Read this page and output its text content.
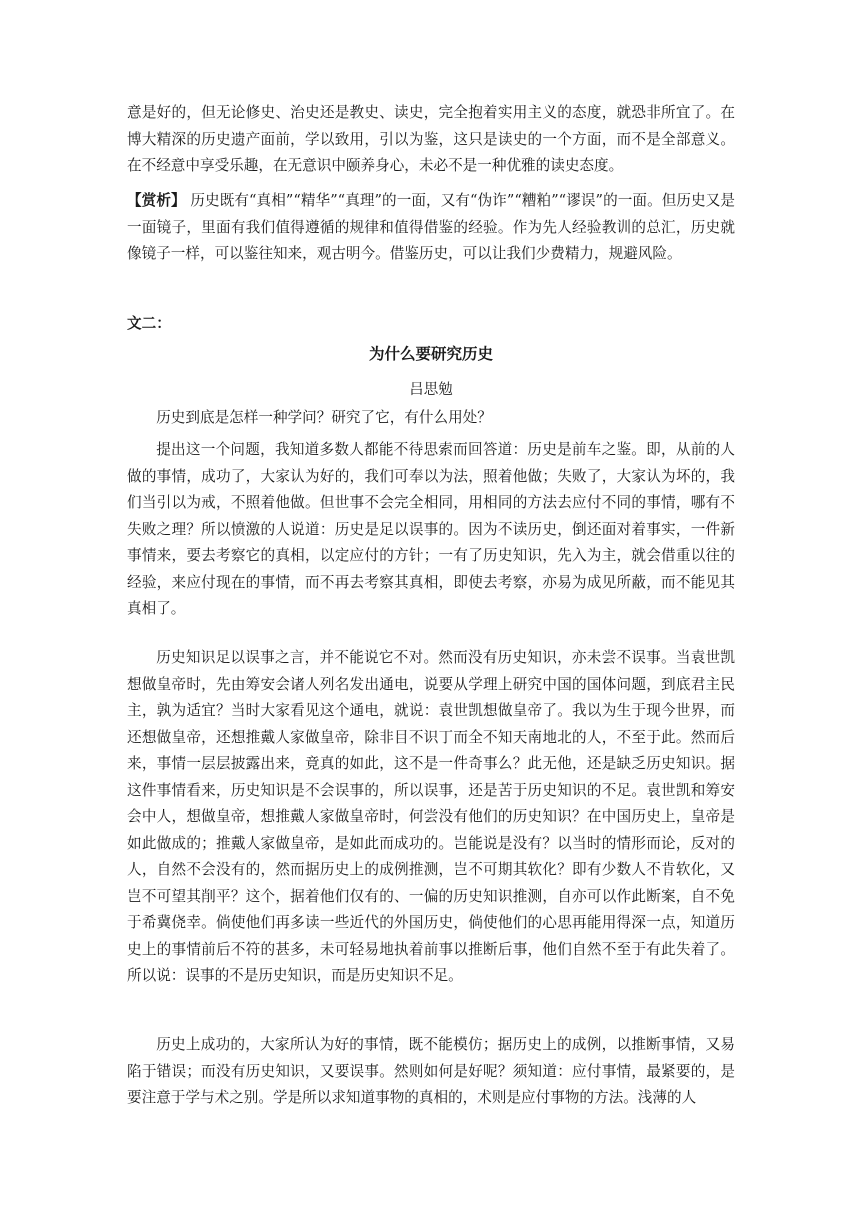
意是好的，但无论修史、治史还是教史、读史，完全抱着实用主义的态度，就恐非所宜了。在博大精深的历史遗产面前，学以致用，引以为鉴，这只是读史的一个方面，而不是全部意义。在不经意中享受乐趣，在无意识中颐养身心，未必不是一种优雅的读史态度。

【赏析】 历史既有“真相”“精华”“真理”的一面，又有“伪诈”“糟粕”“谬误”的一面。但历史又是一面镜子，里面有我们值得遵循的规律和值得借鉴的经验。作为先人经验教训的总汇，历史就像镜子一样，可以鉴往知来，观古明今。借鉴历史，可以让我们少费精力，规避风险。

文二：

为什么要研究历史

吕思勉

历史到底是怎样一种学问？研究了它，有什么用处？

提出这一个问题，我知道多数人都能不待思索而回答道：历史是前车之鉴。即，从前的人做的事情，成功了，大家认为好的，我们可奉以为法，照着他做；失败了，大家认为坏的，我们当引以为戒，不照着他做。但世事不会完全相同，用相同的方法去应付不同的事情，哪有不失败之理？所以愤激的人说道：历史是足以误事的。因为不读历史，倒还面对着事实，一件新事情来，要去考察它的真相，以定应付的方针；一有了历史知识，先入为主，就会借重以往的经验，来应付现在的事情，而不再去考察其真相，即使去考察，亦易为成见所蔽，而不能见其真相了。

历史知识足以误事之言，并不能说它不对。然而没有历史知识，亦未尝不误事。当袁世凯想做皇帝时，先由筹安会诸人列名发出通电，说要从学理上研究中国的国体问题，到底君主民主，孰为适宜？当时大家看见这个通电，就说：袁世凯想做皇帝了。我以为生于现今世界，而还想做皇帝，还想推戴人家做皇帝，除非目不识丁而全不知天南地北的人，不至于此。然而后来，事情一层层披露出来，竟真的如此，这不是一件奇事么？此无他，还是缺乏历史知识。据这件事情看来，历史知识是不会误事的，所以误事，还是苦于历史知识的不足。袁世凯和筹安会中人，想做皇帝，想推戴人家做皇帝时，何尝没有他们的历史知识？在中国历史上，皇帝是如此做成的；推戴人家做皇帝，是如此而成功的。岂能说是没有？以当时的情形而论，反对的人，自然不会没有的，然而据历史上的成例推测，岂不可期其软化？即有少数人不肯软化，又岂不可望其削平？这个，据着他们仅有的、一偏的历史知识推测，自亦可以作此断案，自不免于希冀侥幸。倘使他们再多读一些近代的外国历史，倘使他们的心思再能用得深一点，知道历史上的事情前后不符的甚多，未可轻易地执着前事以推断后事，他们自然不至于有此失着了。所以说：误事的不是历史知识，而是历史知识不足。

历史上成功的，大家所认为好的事情，既不能模仿；据历史上的成例，以推断事情，又易陷于错误；而没有历史知识，又要误事。然则如何是好呢？须知道：应付事情，最紧要的，是要注意于学与术之别。学是所以求知道事物的真相的，术则是应付事物的方法。浅薄的人
